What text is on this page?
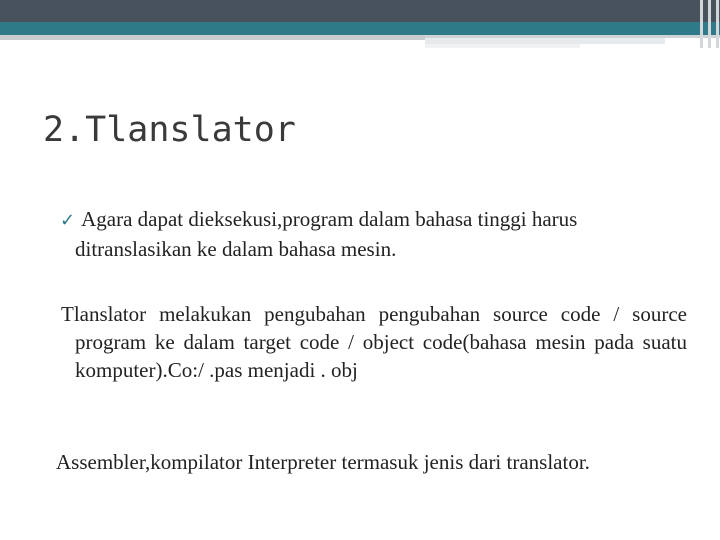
2.Tlanslator
✓ Agara dapat dieksekusi,program dalam bahasa tinggi harus ditranslasikan ke dalam bahasa mesin.
Tlanslator melakukan pengubahan pengubahan source code / source program ke dalam target code / object code(bahasa mesin pada suatu komputer).Co:/ .pas menjadi . obj
Assembler,kompilator Interpreter termasuk jenis dari translator.
